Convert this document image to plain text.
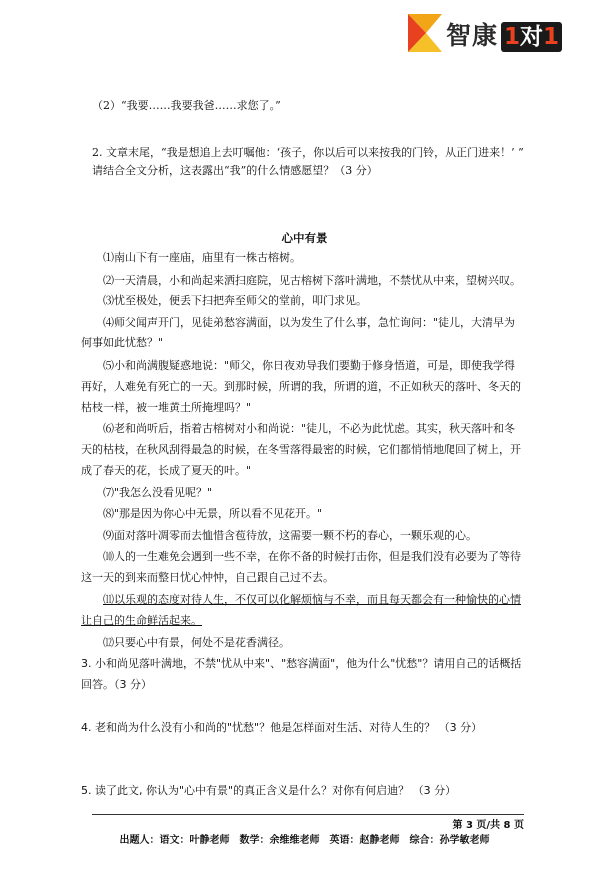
智康 1对1
（2）“我要……我要我爸……求您了。”
2. 文章末尾，“我是想追上去叮嘱他：‘孩子，你以后可以来按我的门铃，从正门进来！’ ”
请结合全文分析，这表露出“我”的什么情感愿望？（3 分）
心中有景
⑴南山下有一座庙，庙里有一株古榕树。
⑵一天清晨，小和尚起来洒扫庭院，见古榕树下落叶满地，不禁忧从中来，望树兴叹。
⑶忧至极处，便丢下扫把奔至师父的堂前，叩门求见。
⑷师父闻声开门，见徒弟愁容满面，以为发生了什么事，急忙询问："徒儿，大清早为
何事如此忧愁？"
⑸小和尚满腹疑惑地说："师父，你日夜劝导我们要勤于修身悟道，可是，即使我学得
再好，人难免有死亡的一天。到那时候，所谓的我，所谓的道，不正如秋天的落叶、冬天的
枯枝一样，被一堆黄土所掩埋吗？"
⑹老和尚听后，指着古榕树对小和尚说："徒儿，不必为此忧虑。其实，秋天落叶和冬
天的枯枝，在秋风刮得最急的时候，在冬雪落得最密的时候，它们都悄悄地爬回了树上，开
成了春天的花，长成了夏天的叶。"
⑺"我怎么没看见呢？"
⑻"那是因为你心中无景，所以看不见花开。"
⑼面对落叶凋零而去恤惜含苞待放，这需要一颗不朽的春心，一颗乐观的心。
⑽人的一生难免会遇到一些不幸，在你不备的时候打击你，但是我们没有必要为了等待
这一天的到来而整日忧心忡忡，自己跟自己过不去。
⑾以乐观的态度对待人生，不仅可以化解烦恼与不幸，而且每天都会有一种愉快的心情
让自己的生命鲜活起来。
⑿只要心中有景，何处不是花香满径。
3. 小和尚见落叶满地，不禁"忧从中来"、"愁容满面"，他为什么"忧愁"？请用自己的话概括
回答。（3 分）
4. 老和尚为什么没有小和尚的"忧愁"？他是怎样面对生活、对待人生的？ （3 分）
5. 读了此文, 你认为"心中有景"的真正含义是什么？对你有何启迪？ （3 分）
第 3 页/共 8 页
出题人：语文：叶静老师　数学：余维维老师　英语：赵静老师　综合：孙学敏老师
